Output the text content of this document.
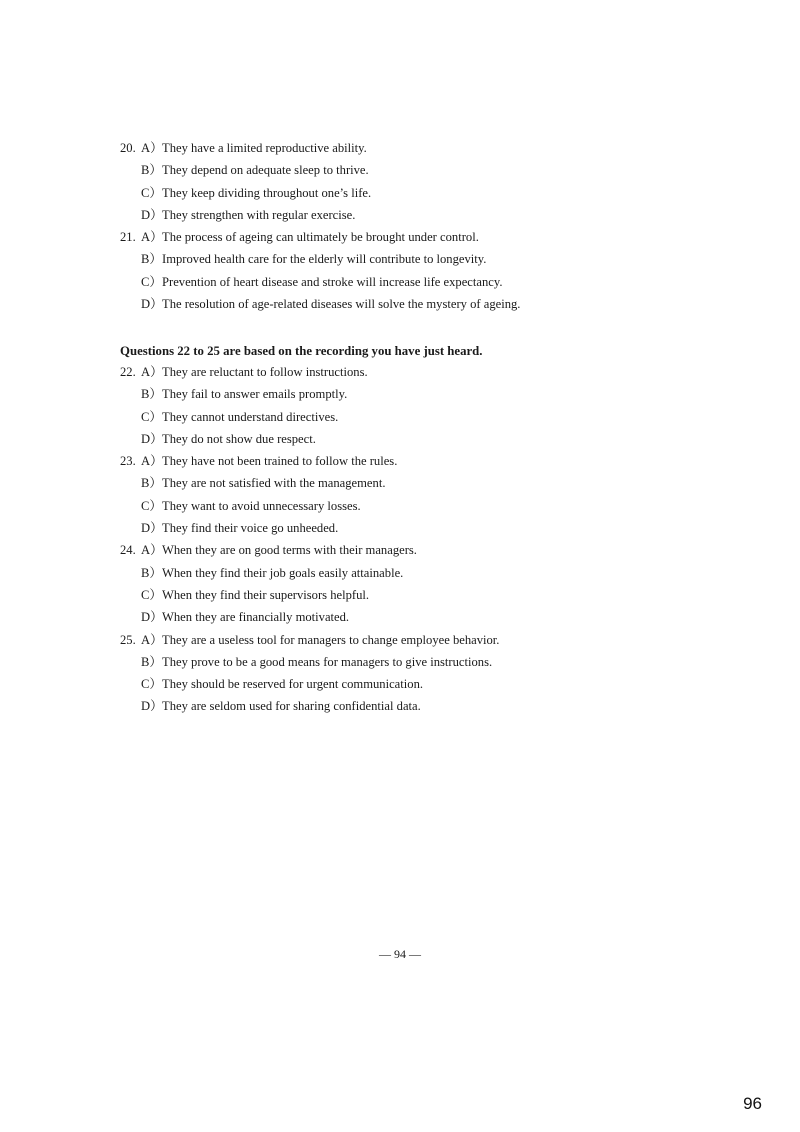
20. A） They have a limited reproductive ability.
B） They depend on adequate sleep to thrive.
C） They keep dividing throughout one’s life.
D） They strengthen with regular exercise.
21. A） The process of ageing can ultimately be brought under control.
B） Improved health care for the elderly will contribute to longevity.
C） Prevention of heart disease and stroke will increase life expectancy.
D） The resolution of age-related diseases will solve the mystery of ageing.
Questions 22 to 25 are based on the recording you have just heard.
22. A） They are reluctant to follow instructions.
B） They fail to answer emails promptly.
C） They cannot understand directives.
D） They do not show due respect.
23. A） They have not been trained to follow the rules.
B） They are not satisfied with the management.
C） They want to avoid unnecessary losses.
D） They find their voice go unheeded.
24. A） When they are on good terms with their managers.
B） When they find their job goals easily attainable.
C） When they find their supervisors helpful.
D） When they are financially motivated.
25. A） They are a useless tool for managers to change employee behavior.
B） They prove to be a good means for managers to give instructions.
C） They should be reserved for urgent communication.
D） They are seldom used for sharing confidential data.
— 94 —
96
